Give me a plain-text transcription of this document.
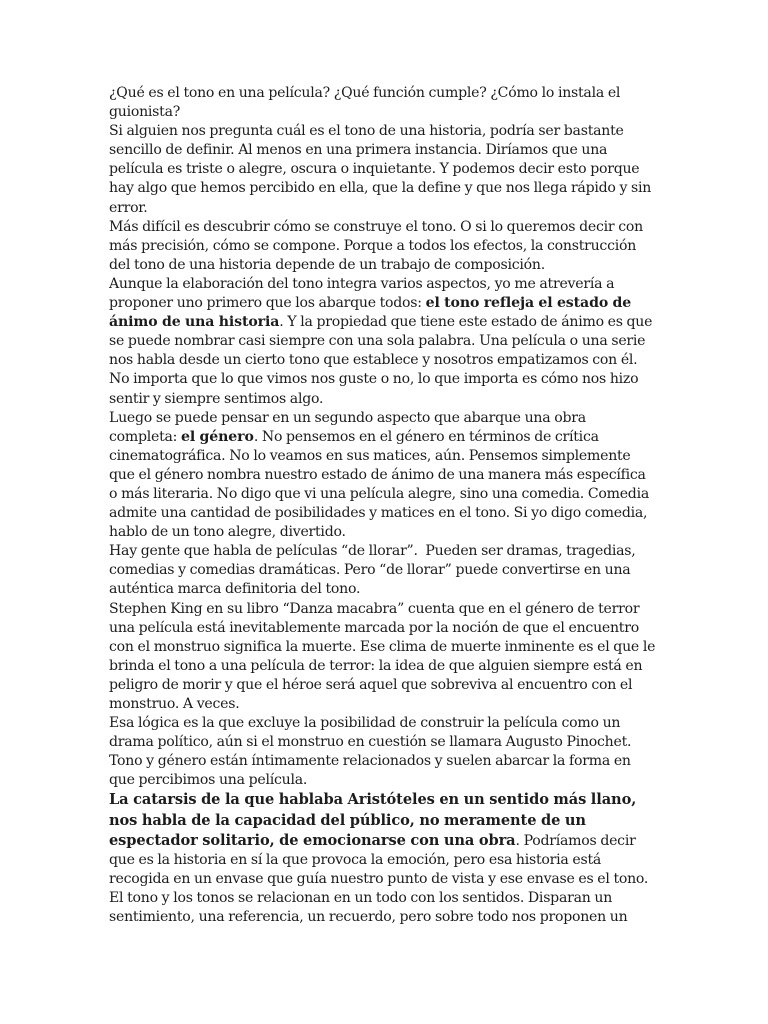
¿Qué es el tono en una película? ¿Qué función cumple? ¿Cómo lo instala el guionista?

Si alguien nos pregunta cuál es el tono de una historia, podría ser bastante sencillo de definir. Al menos en una primera instancia. Diríamos que una película es triste o alegre, oscura o inquietante. Y podemos decir esto porque hay algo que hemos percibido en ella, que la define y que nos llega rápido y sin error.

Más difícil es descubrir cómo se construye el tono. O si lo queremos decir con más precisión, cómo se compone. Porque a todos los efectos, la construcción del tono de una historia depende de un trabajo de composición.

Aunque la elaboración del tono integra varios aspectos, yo me atrevería a proponer uno primero que los abarque todos: el tono refleja el estado de ánimo de una historia. Y la propiedad que tiene este estado de ánimo es que se puede nombrar casi siempre con una sola palabra. Una película o una serie nos habla desde un cierto tono que establece y nosotros empatizamos con él. No importa que lo que vimos nos guste o no, lo que importa es cómo nos hizo sentir y siempre sentimos algo.

Luego se puede pensar en un segundo aspecto que abarque una obra completa: el género. No pensemos en el género en términos de crítica cinematográfica. No lo veamos en sus matices, aún. Pensemos simplemente que el género nombra nuestro estado de ánimo de una manera más específica o más literaria. No digo que vi una película alegre, sino una comedia. Comedia admite una cantidad de posibilidades y matices en el tono. Si yo digo comedia, hablo de un tono alegre, divertido.

Hay gente que habla de películas “de llorar”.  Pueden ser dramas, tragedias, comedias y comedias dramáticas. Pero “de llorar” puede convertirse en una auténtica marca definitoria del tono.

Stephen King en su libro “Danza macabra” cuenta que en el género de terror una película está inevitablemente marcada por la noción de que el encuentro con el monstruo significa la muerte. Ese clima de muerte inminente es el que le brinda el tono a una película de terror: la idea de que alguien siempre está en peligro de morir y que el héroe será aquel que sobreviva al encuentro con el monstruo. A veces.

Esa lógica es la que excluye la posibilidad de construir la película como un drama político, aún si el monstruo en cuestión se llamara Augusto Pinochet.

Tono y género están íntimamente relacionados y suelen abarcar la forma en que percibimos una película.

La catarsis de la que hablaba Aristóteles en un sentido más llano, nos habla de la capacidad del público, no meramente de un espectador solitario, de emocionarse con una obra. Podríamos decir que es la historia en sí la que provoca la emoción, pero esa historia está recogida en un envase que guía nuestro punto de vista y ese envase es el tono.

El tono y los tonos se relacionan en un todo con los sentidos. Disparan un sentimiento, una referencia, un recuerdo, pero sobre todo nos proponen un
